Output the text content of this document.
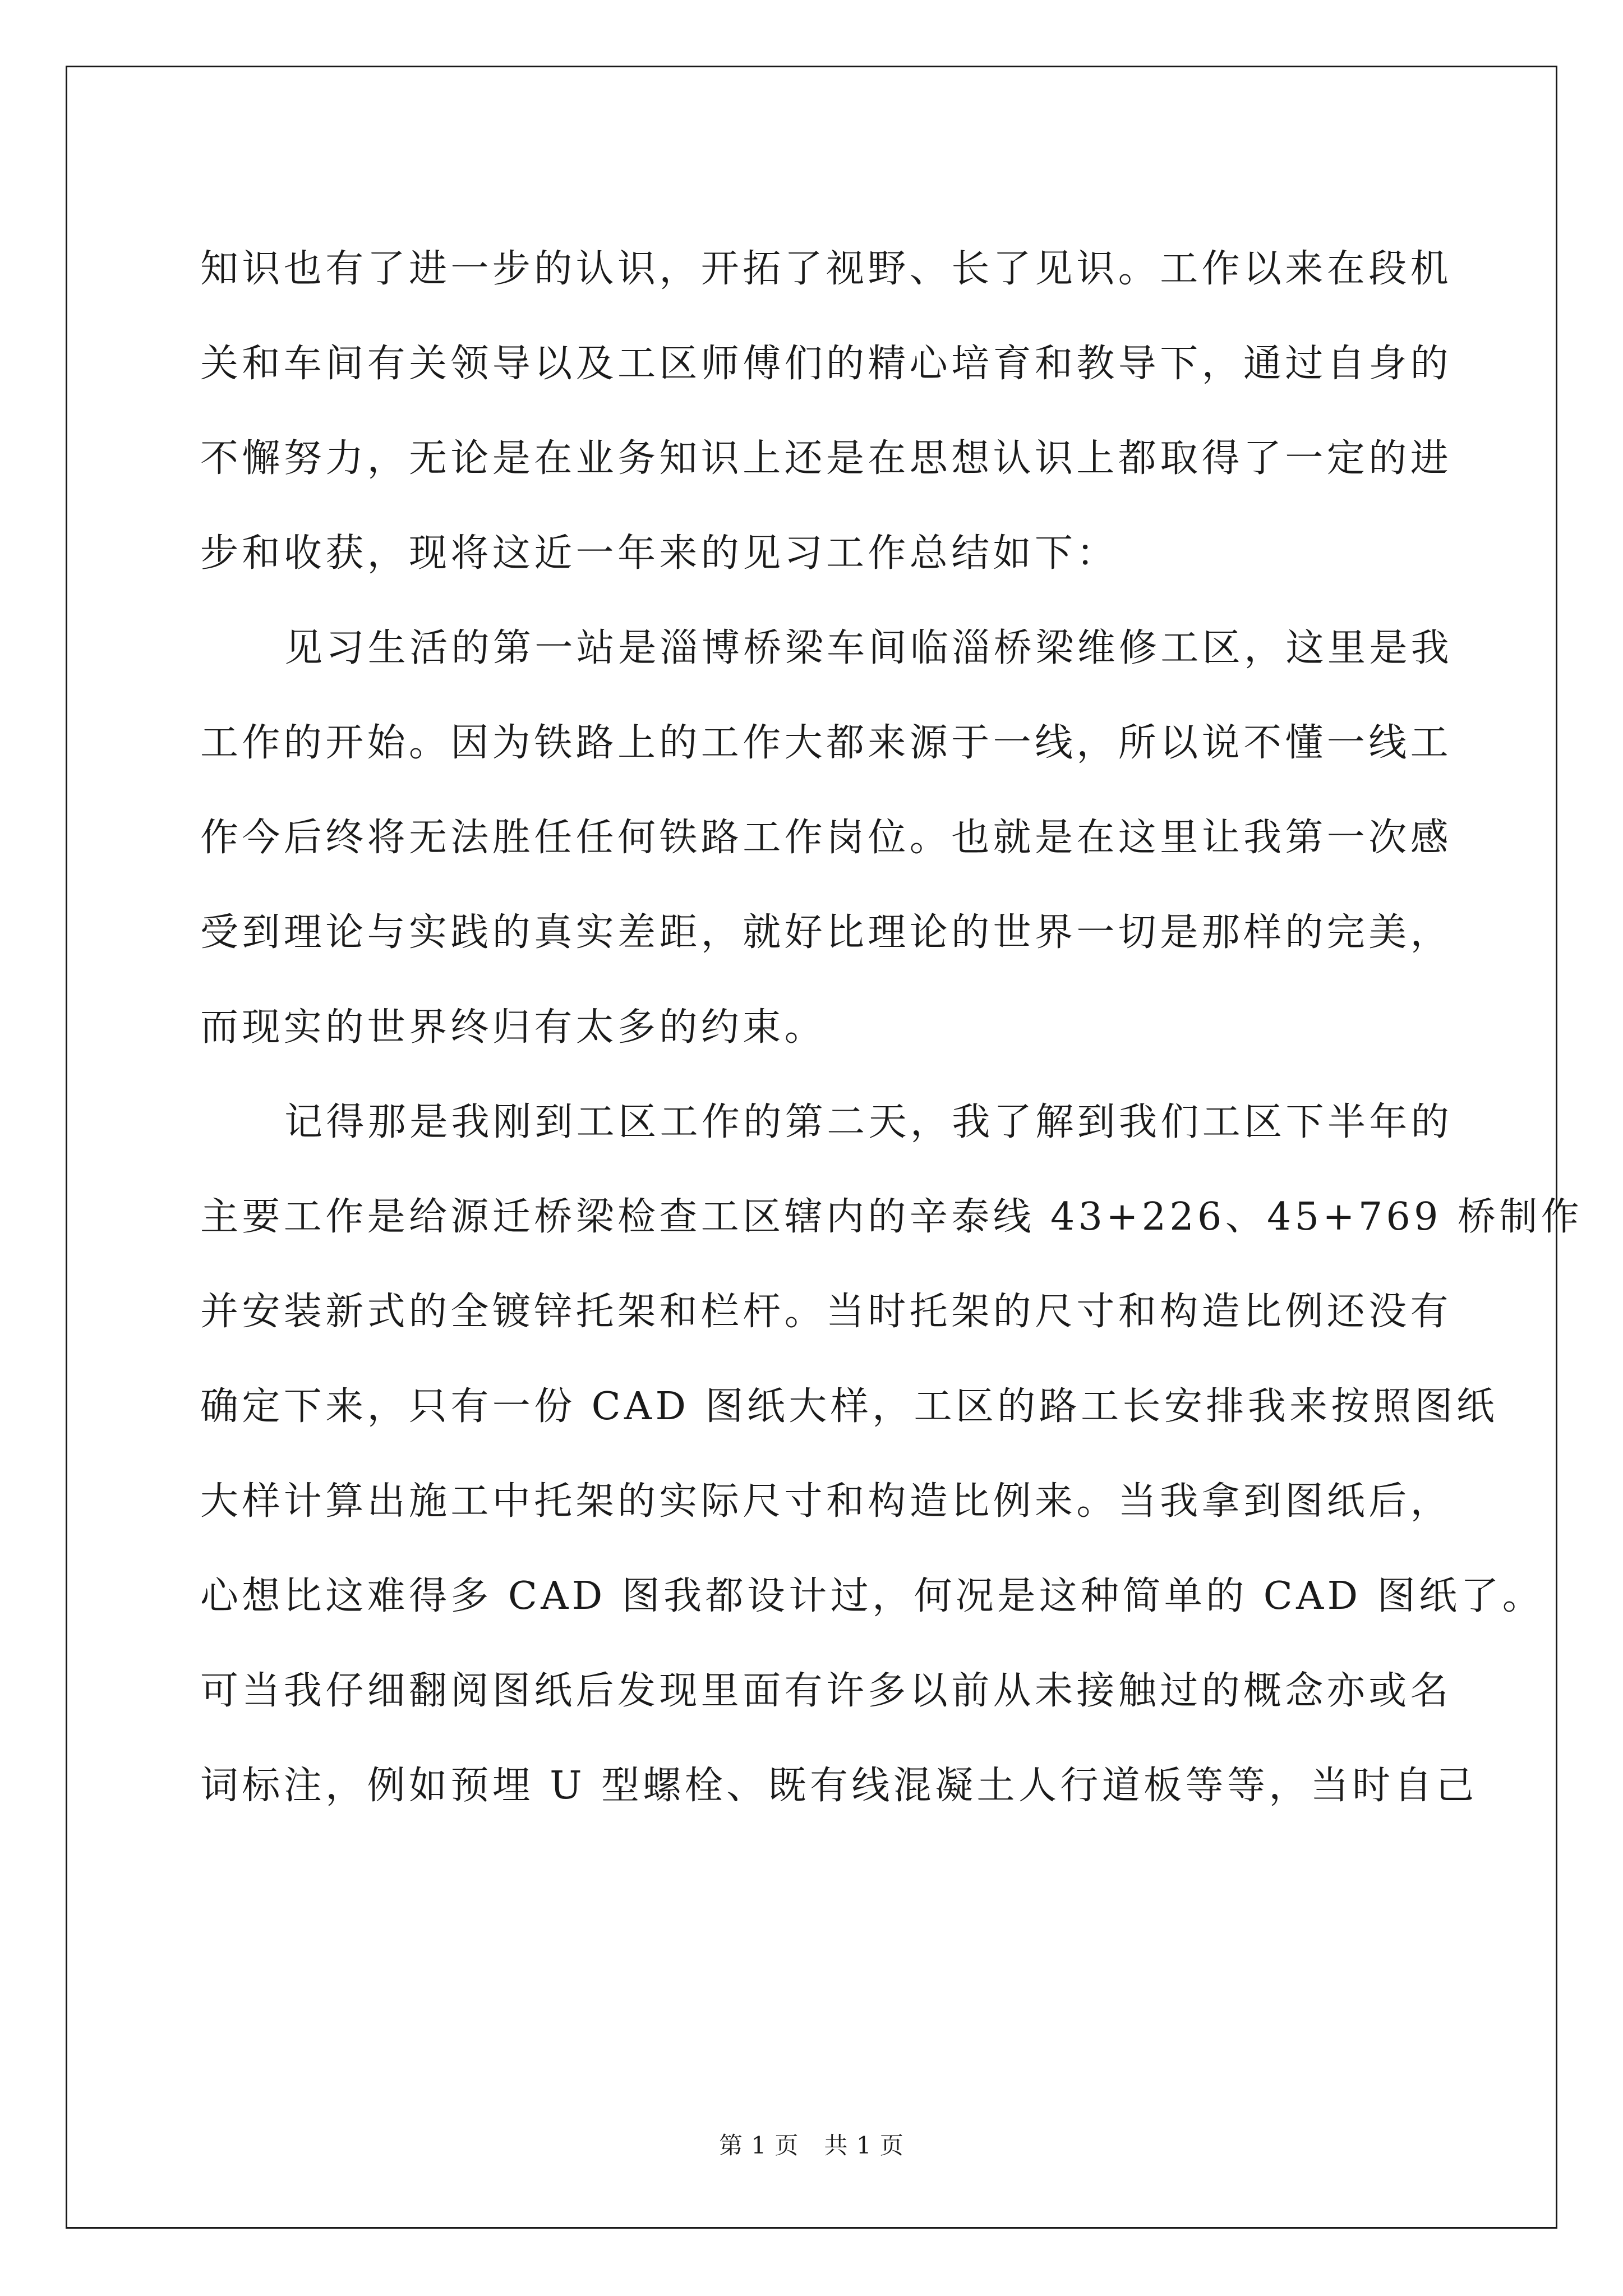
知识也有了进一步的认识，开拓了视野、长了见识。工作以来在段机
关和车间有关领导以及工区师傅们的精心培育和教导下，通过自身的
不懈努力，无论是在业务知识上还是在思想认识上都取得了一定的进
步和收获，现将这近一年来的见习工作总结如下：
见习生活的第一站是淄博桥梁车间临淄桥梁维修工区，这里是我
工作的开始。因为铁路上的工作大都来源于一线，所以说不懂一线工
作今后终将无法胜任任何铁路工作岗位。也就是在这里让我第一次感
受到理论与实践的真实差距，就好比理论的世界一切是那样的完美，
而现实的世界终归有太多的约束。
记得那是我刚到工区工作的第二天，我了解到我们工区下半年的
主要工作是给源迁桥梁检查工区辖内的辛泰线 43+226、45+769 桥制作
并安装新式的全镀锌托架和栏杆。当时托架的尺寸和构造比例还没有
确定下来，只有一份 CAD 图纸大样，工区的路工长安排我来按照图纸
大样计算出施工中托架的实际尺寸和构造比例来。当我拿到图纸后，
心想比这难得多 CAD 图我都设计过，何况是这种简单的 CAD 图纸了。
可当我仔细翻阅图纸后发现里面有许多以前从未接触过的概念亦或名
词标注，例如预埋 U 型螺栓、既有线混凝土人行道板等等，当时自己
第 1 页 共 1 页
